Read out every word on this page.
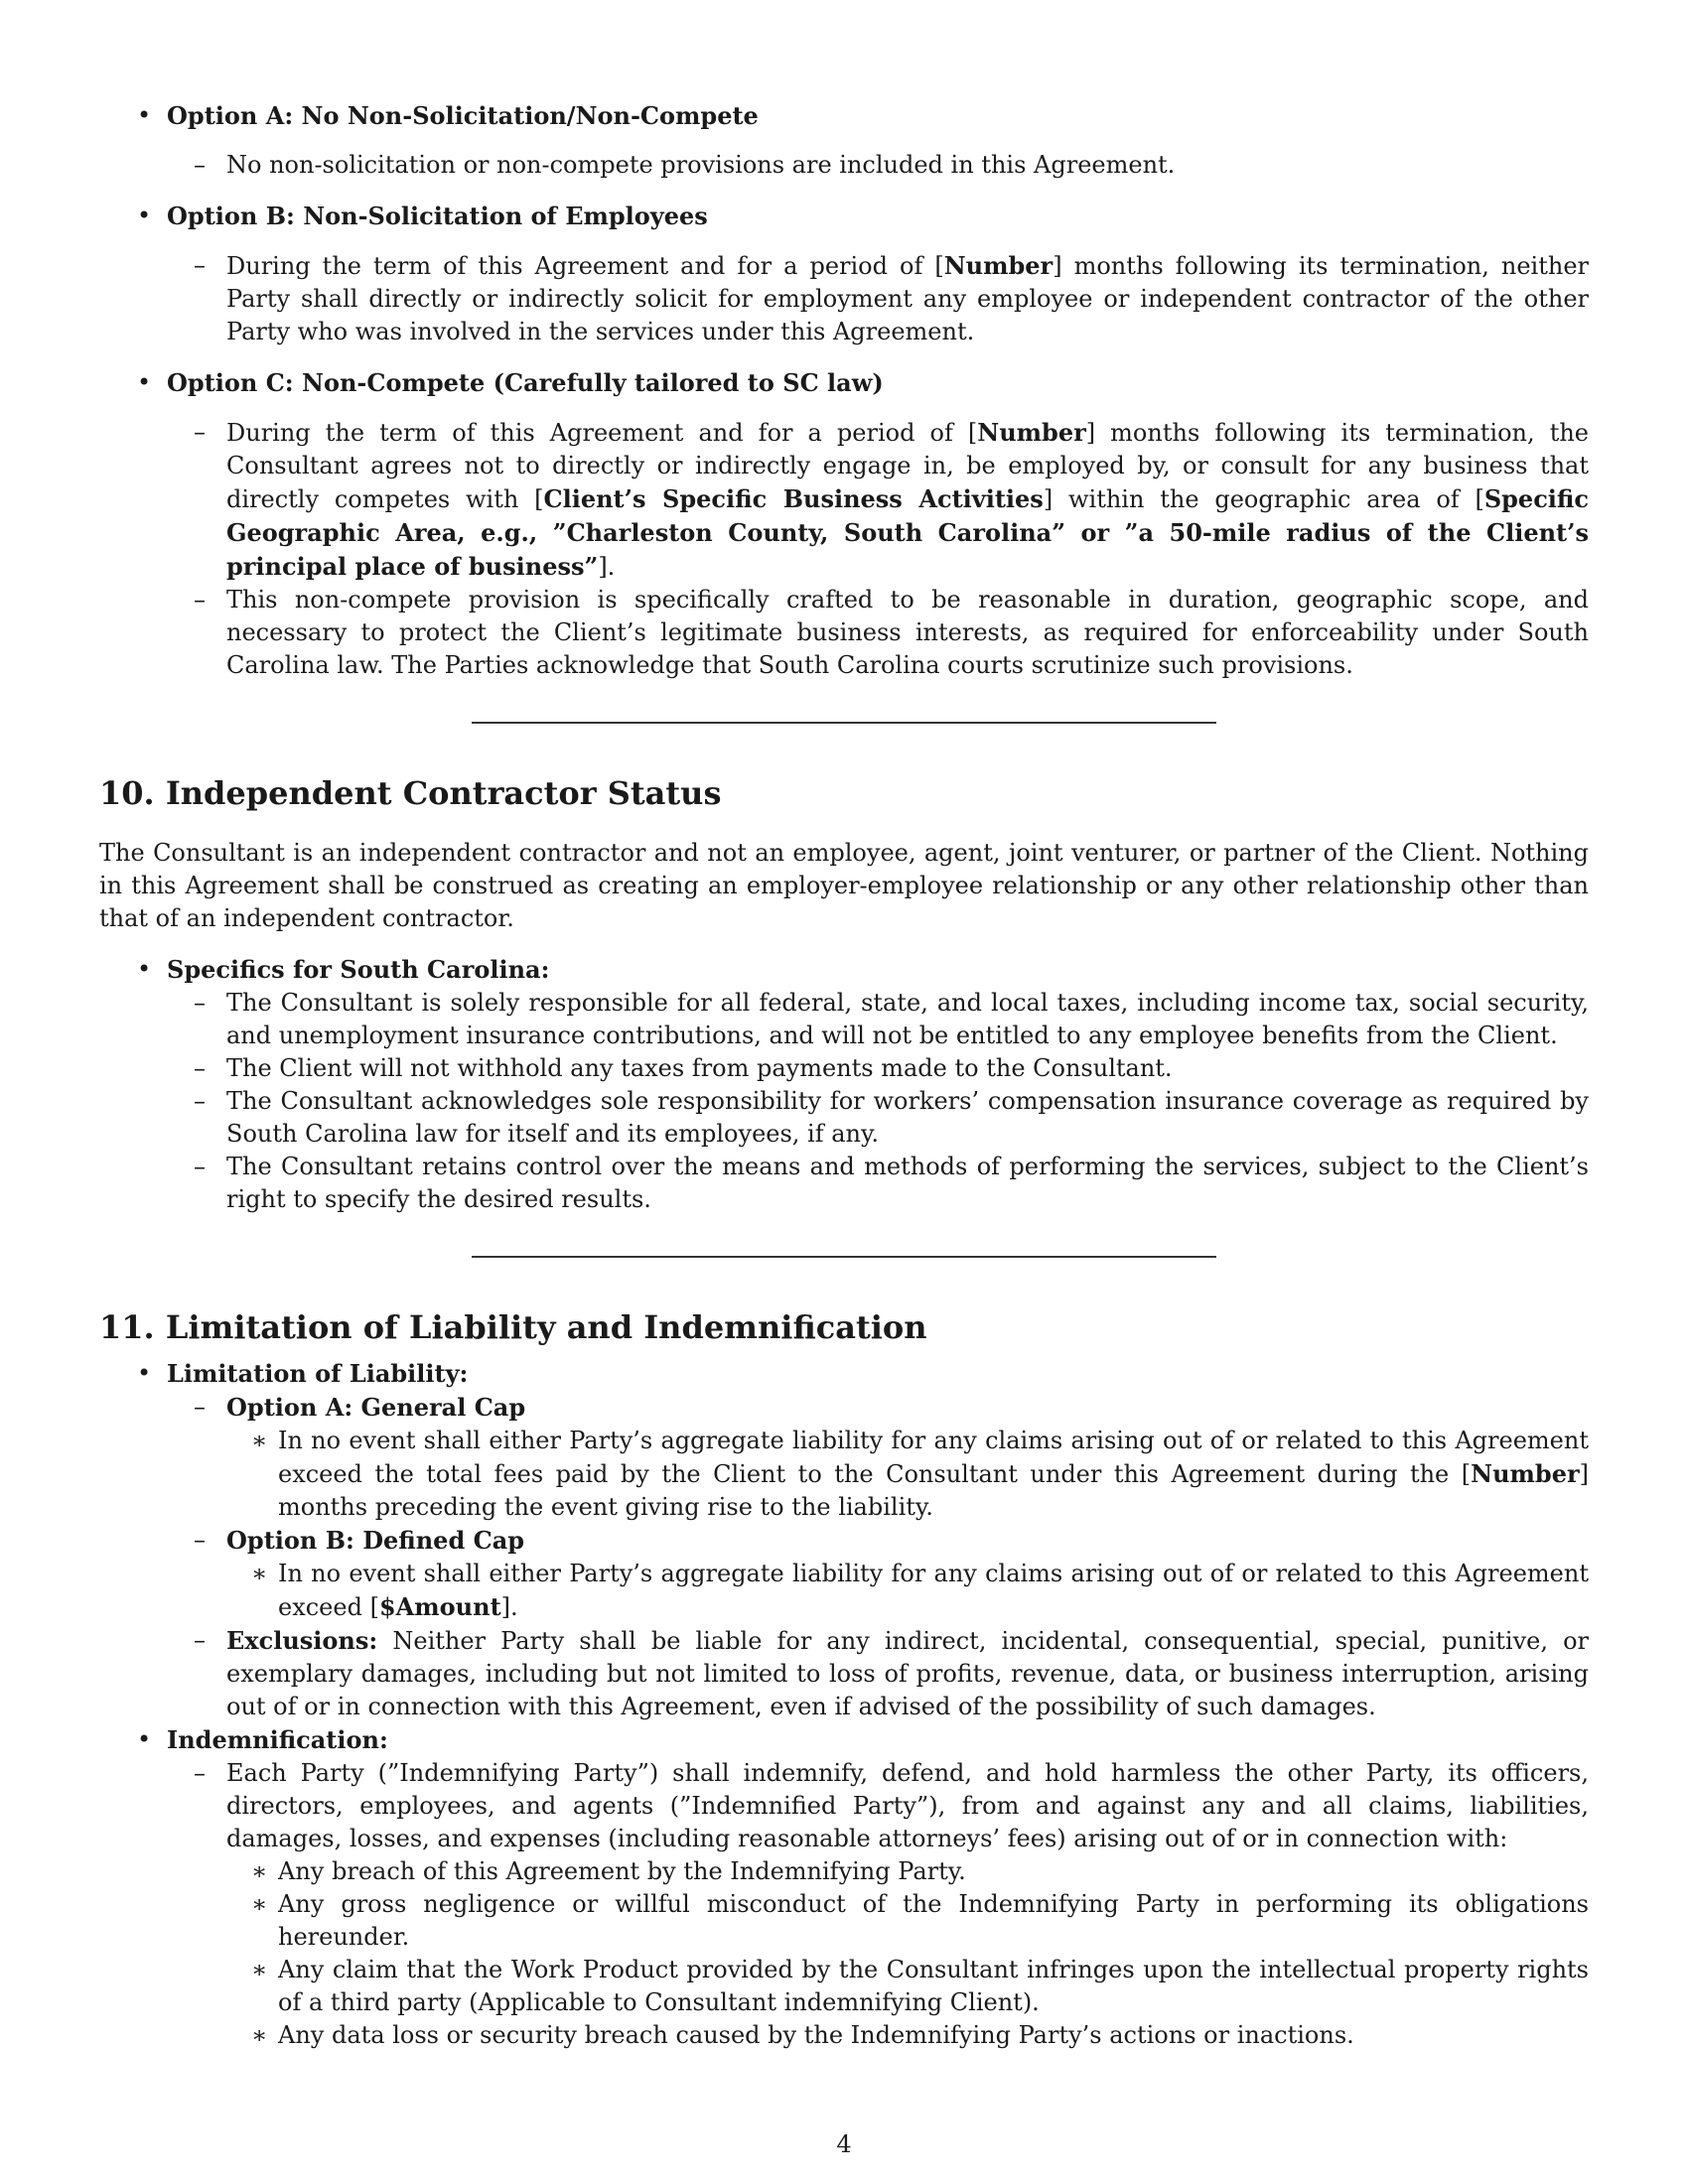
• Option A: No Non-Solicitation/Non-Compete
– No non-solicitation or non-compete provisions are included in this Agreement.
• Option B: Non-Solicitation of Employees
– During the term of this Agreement and for a period of [Number] months following its termination, neither Party shall directly or indirectly solicit for employment any employee or independent contractor of the other Party who was involved in the services under this Agreement.
• Option C: Non-Compete (Carefully tailored to SC law)
– During the term of this Agreement and for a period of [Number] months following its termination, the Consultant agrees not to directly or indirectly engage in, be employed by, or consult for any business that directly competes with [Client’s Specific Business Activities] within the geographic area of [Specific Geographic Area, e.g., ”Charleston County, South Carolina” or ”a 50-mile radius of the Client’s principal place of business”].
– This non-compete provision is specifically crafted to be reasonable in duration, geographic scope, and necessary to protect the Client’s legitimate business interests, as required for enforceability under South Carolina law. The Parties acknowledge that South Carolina courts scrutinize such provisions.
10. Independent Contractor Status

The Consultant is an independent contractor and not an employee, agent, joint venturer, or partner of the Client. Nothing in this Agreement shall be construed as creating an employer-employee relationship or any other relationship other than that of an independent contractor.

• Specifics for South Carolina:
– The Consultant is solely responsible for all federal, state, and local taxes, including income tax, social security, and unemployment insurance contributions, and will not be entitled to any employee benefits from the Client.
– The Client will not withhold any taxes from payments made to the Consultant.
– The Consultant acknowledges sole responsibility for workers’ compensation insurance coverage as required by South Carolina law for itself and its employees, if any.
– The Consultant retains control over the means and methods of performing the services, subject to the Client’s right to specify the desired results.
11. Limitation of Liability and Indemnification
• Limitation of Liability:
– Option A: General Cap
∗ In no event shall either Party’s aggregate liability for any claims arising out of or related to this Agreement exceed the total fees paid by the Client to the Consultant under this Agreement during the [Number] months preceding the event giving rise to the liability.
– Option B: Defined Cap
∗ In no event shall either Party’s aggregate liability for any claims arising out of or related to this Agreement exceed [$Amount].
– Exclusions: Neither Party shall be liable for any indirect, incidental, consequential, special, punitive, or exemplary damages, including but not limited to loss of profits, revenue, data, or business interruption, arising out of or in connection with this Agreement, even if advised of the possibility of such damages.
• Indemnification:
– Each Party (”Indemnifying Party”) shall indemnify, defend, and hold harmless the other Party, its officers, directors, employees, and agents (”Indemnified Party”), from and against any and all claims, liabilities, damages, losses, and expenses (including reasonable attorneys’ fees) arising out of or in connection with:
∗ Any breach of this Agreement by the Indemnifying Party.
∗ Any gross negligence or willful misconduct of the Indemnifying Party in performing its obligations hereunder.
∗ Any claim that the Work Product provided by the Consultant infringes upon the intellectual property rights of a third party (Applicable to Consultant indemnifying Client).
∗ Any data loss or security breach caused by the Indemnifying Party’s actions or inactions.
4
